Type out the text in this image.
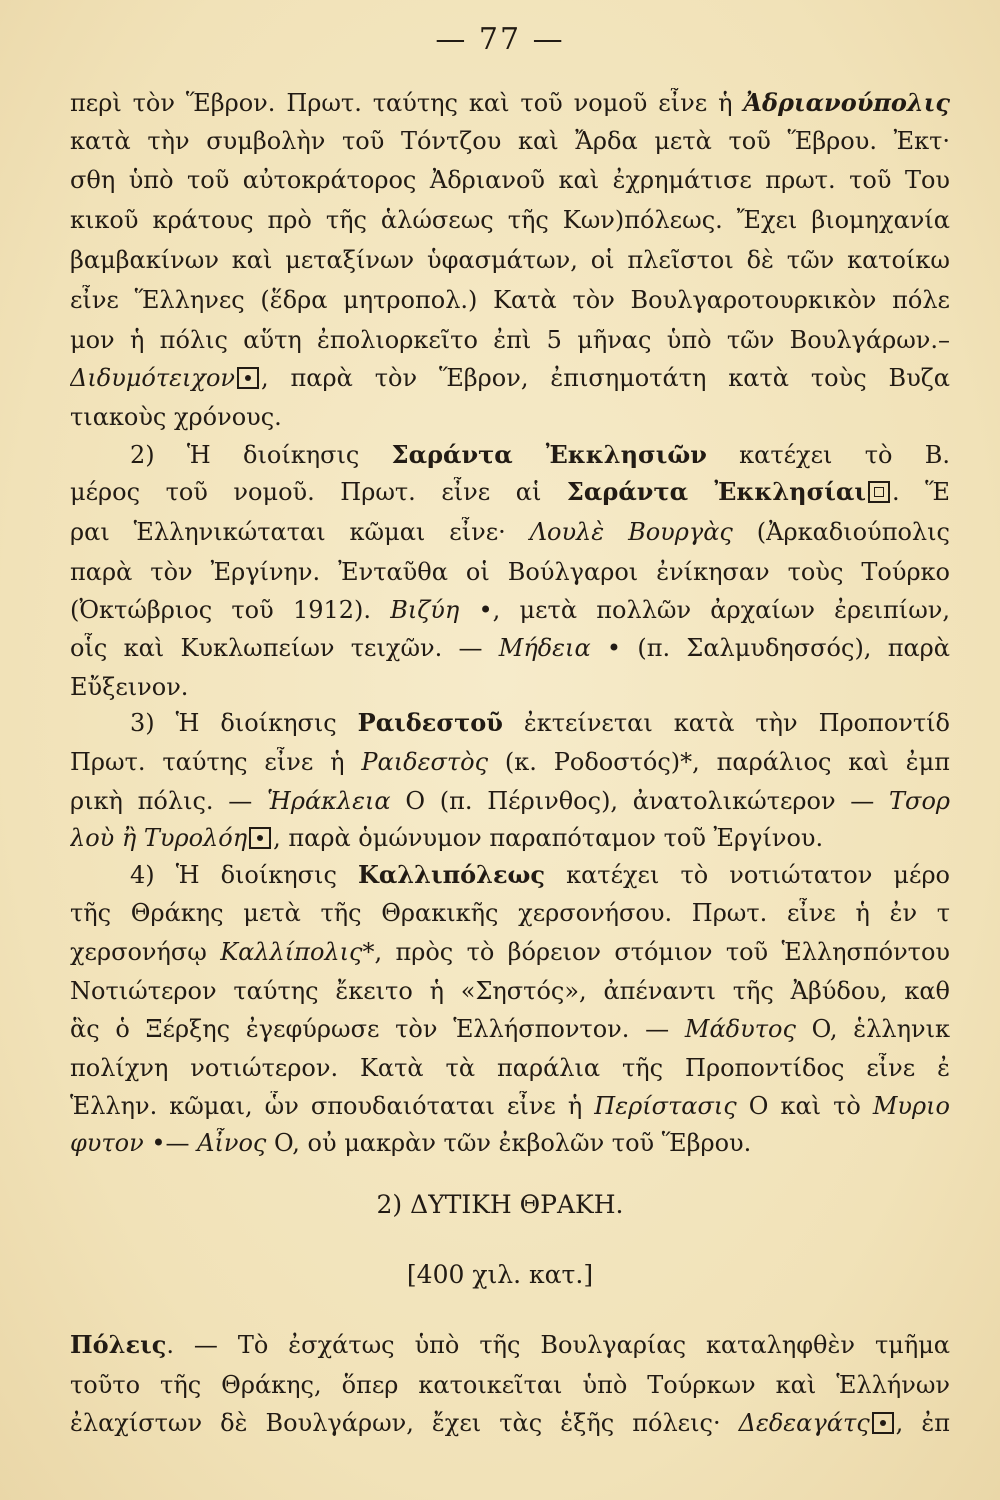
— 77 —
περὶ τὸν Ἕβρον. Πρωτ. ταύτης καὶ τοῦ νομοῦ εἶνε ἡ Ἀδριανούπολις
κατὰ τὴν συμβολὴν τοῦ Τόντζου καὶ Ἄρδα μετὰ τοῦ Ἕβρου. Ἐκτ·
σθη ὑπὸ τοῦ αὐτοκράτορος Ἀδριανοῦ καὶ ἐχρημάτισε πρωτ. τοῦ Του
κικοῦ κράτους πρὸ τῆς ἁλώσεως τῆς Κων)πόλεως. Ἔχει βιομηχανία
βαμβακίνων καὶ μεταξίνων ὑφασμάτων, οἱ πλεῖστοι δὲ τῶν κατοίκω
εἶνε Ἕλληνες (ἕδρα μητροπολ.) Κατὰ τὸν Βουλγαροτουρκικὸν πόλε
μον ἡ πόλις αὕτη ἐπολιορκεῖτο ἐπὶ 5 μῆνας ὑπὸ τῶν Βουλγάρων.–
Διδυμότειχον , παρὰ τὸν Ἕβρον, ἐπισημοτάτη κατὰ τοὺς Βυζα
τιακοὺς χρόνους.
2) Ἡ διοίκησις Σαράντα Ἐκκλησιῶν κατέχει τὸ Β.
μέρος τοῦ νομοῦ. Πρωτ. εἶνε αἱ Σαράντα Ἐκκλησίαι . Ἕ
ραι Ἑλληνικώταται κῶμαι εἶνε· Λουλὲ Βουργὰς (Ἀρκαδιούπολις
παρὰ τὸν Ἐργίνην. Ἐνταῦθα οἱ Βούλγαροι ἐνίκησαν τοὺς Τούρκο
(Ὀκτώβριος τοῦ 1912). Βιζύη •, μετὰ πολλῶν ἀρχαίων ἐρειπίων,
οἷς καὶ Κυκλωπείων τειχῶν. — Μήδεια • (π. Σαλμυδησσός), παρὰ
Εὔξεινον.
3) Ἡ διοίκησις Ραιδεστοῦ ἐκτείνεται κατὰ τὴν Προποντίδ
Πρωτ. ταύτης εἶνε ἡ Ραιδεστὸς (κ. Ροδοστός)*, παράλιος καὶ ἐμπ
ρικὴ πόλις. — Ἡράκλεια O (π. Πέρινθος), ἀνατολικώτερον — Τσορ
λοὺ ἢ Τυρολόη , παρὰ ὁμώνυμον παραπόταμον τοῦ Ἐργίνου.
4) Ἡ διοίκησις Καλλιπόλεως κατέχει τὸ νοτιώτατον μέρο
τῆς Θράκης μετὰ τῆς Θρακικῆς χερσονήσου. Πρωτ. εἶνε ἡ ἐν τ
χερσονήσῳ Καλλίπολις*, πρὸς τὸ βόρειον στόμιον τοῦ Ἑλλησπόντου
Νοτιώτερον ταύτης ἔκειτο ἡ «Σηστός», ἀπέναντι τῆς Ἀβύδου, καθ
ἃς ὁ Ξέρξης ἐγεφύρωσε τὸν Ἑλλήσποντον. — Μάδυτος O, ἑλληνικ
πολίχνη νοτιώτερον. Κατὰ τὰ παράλια τῆς Προποντίδος εἶνε ἐ
Ἑλλην. κῶμαι, ὧν σπουδαιόταται εἶνε ἡ Περίστασις O καὶ τὸ Μυριο
φυτον •— Αἶνος O, οὐ μακρὰν τῶν ἐκβολῶν τοῦ Ἕβρου.
2) ΔΥΤΙΚΗ ΘΡΑΚΗ.
[400 χιλ. κατ.]
Πόλεις. — Τὸ ἐσχάτως ὑπὸ τῆς Βουλγαρίας καταληφθὲν τμῆμα
τοῦτο τῆς Θράκης, ὅπερ κατοικεῖται ὑπὸ Τούρκων καὶ Ἑλλήνων
ἐλαχίστων δὲ Βουλγάρων, ἔχει τὰς ἑξῆς πόλεις· Δεδεαγάτς , ἐπ
